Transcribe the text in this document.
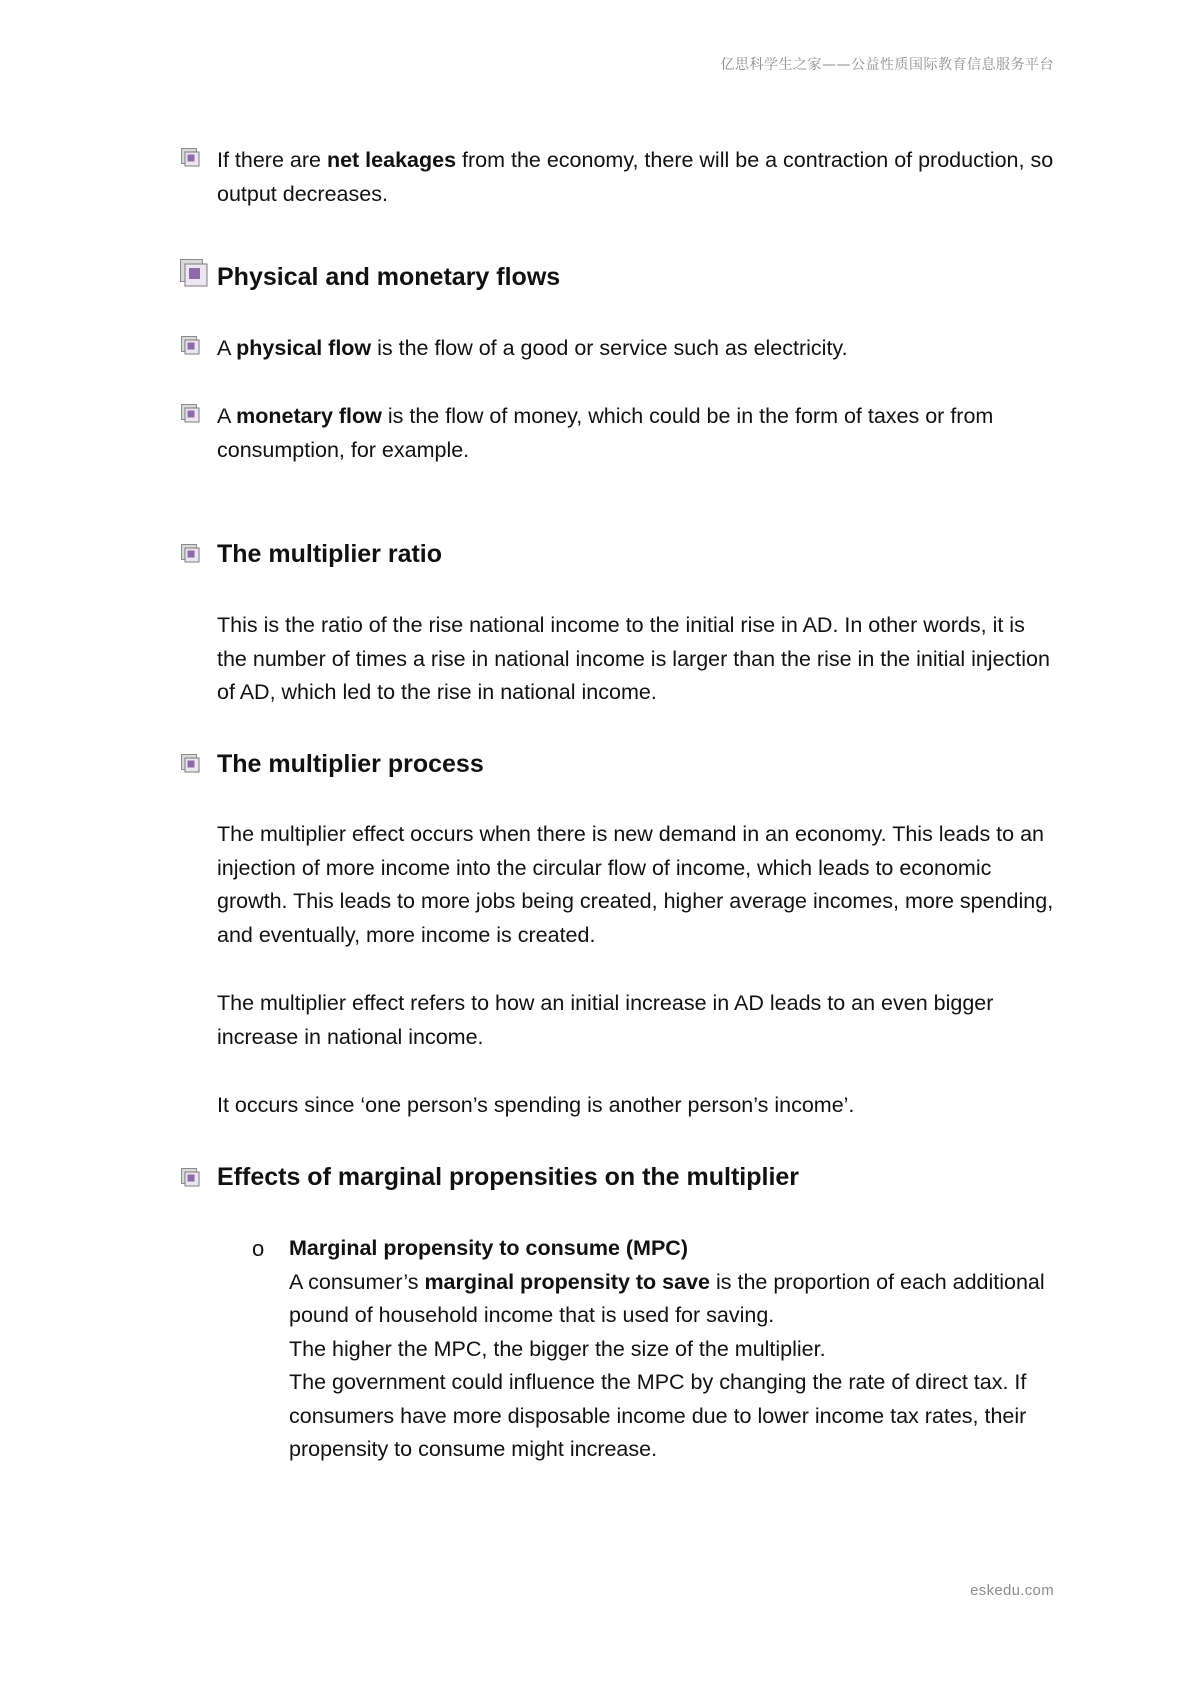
亿思科学生之家——公益性质国际教育信息服务平台

If there are net leakages from the economy, there will be a contraction of production, so output decreases.

Physical and monetary flows

A physical flow is the flow of a good or service such as electricity.

A monetary flow is the flow of money, which could be in the form of taxes or from consumption, for example.

The multiplier ratio
This is the ratio of the rise national income to the initial rise in AD. In other words, it is the number of times a rise in national income is larger than the rise in the initial injection of AD, which led to the rise in national income.
The multiplier process
The multiplier effect occurs when there is new demand in an economy. This leads to an injection of more income into the circular flow of income, which leads to economic growth. This leads to more jobs being created, higher average incomes, more spending, and eventually, more income is created.
The multiplier effect refers to how an initial increase in AD leads to an even bigger increase in national income.
It occurs since ‘one person’s spending is another person’s income’.
Effects of marginal propensities on the multiplier
o Marginal propensity to consume (MPC)

A consumer’s marginal propensity to save is the proportion of each additional pound of household income that is used for saving.

The higher the MPC, the bigger the size of the multiplier.

The government could influence the MPC by changing the rate of direct tax. If consumers have more disposable income due to lower income tax rates, their propensity to consume might increase.

eskedu.com
